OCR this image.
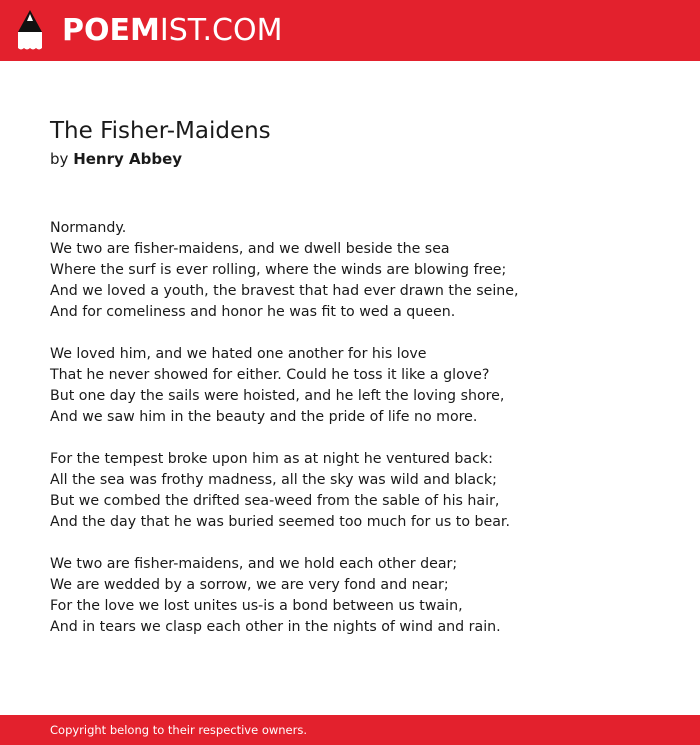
POEMIST.COM
The Fisher-Maidens
by Henry Abbey
Normandy.
We two are fisher-maidens, and we dwell beside the sea
Where the surf is ever rolling, where the winds are blowing free;
And we loved a youth, the bravest that had ever drawn the seine,
And for comeliness and honor he was fit to wed a queen.
We loved him, and we hated one another for his love
That he never showed for either. Could he toss it like a glove?
But one day the sails were hoisted, and he left the loving shore,
And we saw him in the beauty and the pride of life no more.
For the tempest broke upon him as at night he ventured back:
All the sea was frothy madness, all the sky was wild and black;
But we combed the drifted sea-weed from the sable of his hair,
And the day that he was buried seemed too much for us to bear.
We two are fisher-maidens, and we hold each other dear;
We are wedded by a sorrow, we are very fond and near;
For the love we lost unites us-is a bond between us twain,
And in tears we clasp each other in the nights of wind and rain.
Copyright belong to their respective owners.
